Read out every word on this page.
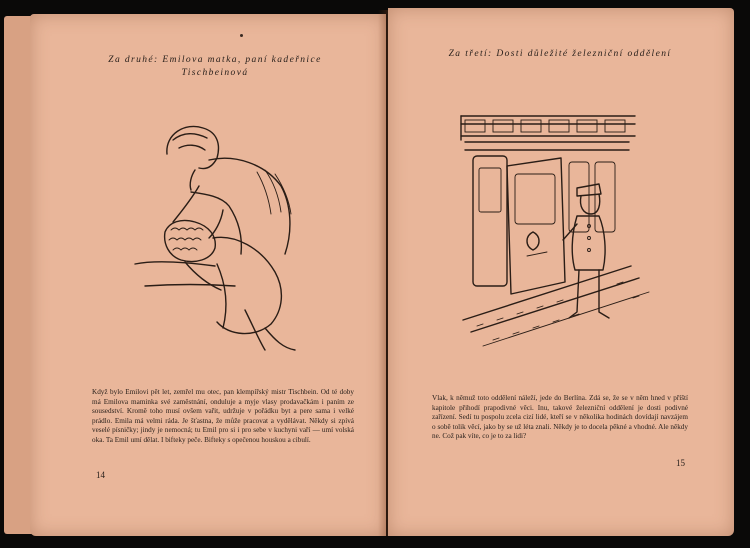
Za druhé: Emilova matka, paní kadeřnice Tischbeinová
Když bylo Emilovi pět let, zemřel mu otec, pan klempířský mistr Tischbein. Od té doby má Emilova maminka své zaměstnání, onduluje a myje vlasy prodavačkám i paním ze sousedství. Kromě toho musí ovšem vařit, udržuje v pořádku byt a pere sama i velké prádlo. Emila má velmi ráda. Je šťastna, že může pracovat a vydělávat. Někdy si zpívá veselé písničky; jindy je nemocná; tu Emil pro si i pro sebe v kuchyni vaří — umí volská oka. Ta Emil umí dělat. I bifteky peče. Bifteky s opečenou houskou a cibulí.
14
Za třetí: Dosti důležité železniční oddělení
Vlak, k němuž toto oddělení náleží, jede do Berlína. Zdá se, že se v něm hned v příští kapitole přihodí prapodivné věci. Inu, takové železniční oddělení je dosti podivné zařízení. Sedí tu pospolu zcela cizí lidé, kteří se v několika hodinách dovídají navzájem o sobě tolik věcí, jako by se už léta znali. Někdy je to docela pěkné a vhodné. Ale někdy ne. Což pak víte, co je to za lidi?
15
